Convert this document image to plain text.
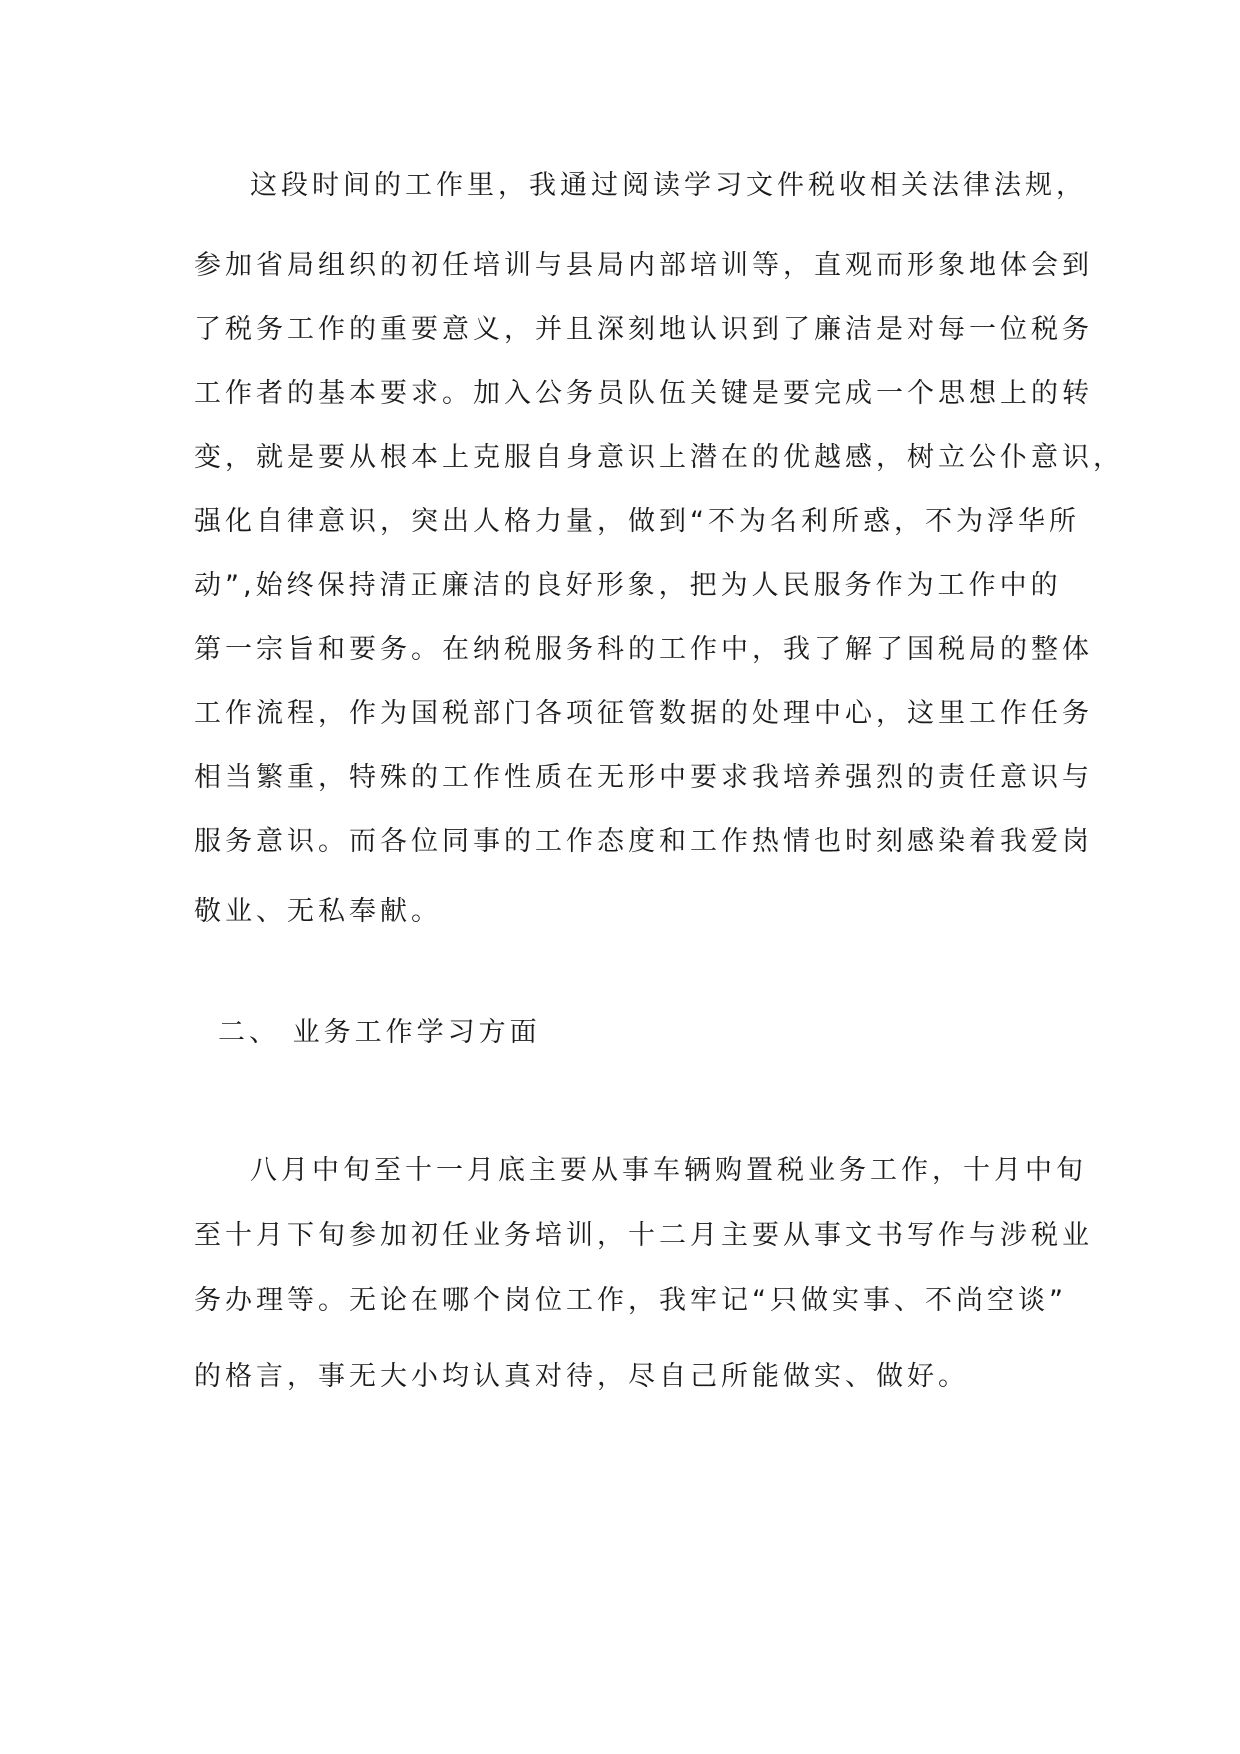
这段时间的工作里，我通过阅读学习文件税收相关法律法规，
参加省局组织的初任培训与县局内部培训等，直观而形象地体会到
了税务工作的重要意义，并且深刻地认识到了廉洁是对每一位税务
工作者的基本要求。加入公务员队伍关键是要完成一个思想上的转
变，就是要从根本上克服自身意识上潜在的优越感，树立公仆意识，
强化自律意识，突出人格力量，做到“不为名利所惑，不为浮华所
动”,始终保持清正廉洁的良好形象，把为人民服务作为工作中的
第一宗旨和要务。在纳税服务科的工作中，我了解了国税局的整体
工作流程，作为国税部门各项征管数据的处理中心，这里工作任务
相当繁重，特殊的工作性质在无形中要求我培养强烈的责任意识与
服务意识。而各位同事的工作态度和工作热情也时刻感染着我爱岗
敬业、无私奉献。
二、 业务工作学习方面
八月中旬至十一月底主要从事车辆购置税业务工作，十月中旬
至十月下旬参加初任业务培训，十二月主要从事文书写作与涉税业
务办理等。无论在哪个岗位工作，我牢记“只做实事、不尚空谈”
的格言，事无大小均认真对待，尽自己所能做实、做好。
